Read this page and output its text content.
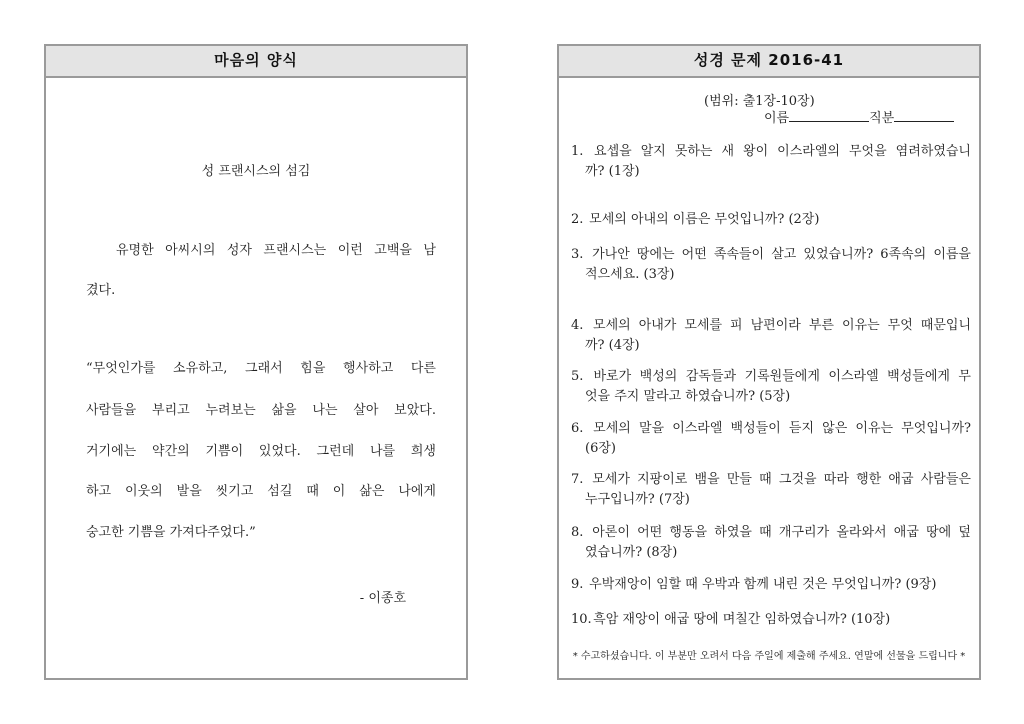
마음의 양식
성 프랜시스의 섬김
유명한 아씨시의 성자 프랜시스는 이런 고백을 남
겼다.
“무엇인가를 소유하고, 그래서 힘을 행사하고 다른
사람들을 부리고 누려보는 삶을 나는 살아 보았다.
거기에는 약간의 기쁨이 있었다. 그런데 나를 희생
하고 이웃의 발을 씻기고 섬길 때 이 삶은 나에게
숭고한 기쁨을 가져다주었다.”
- 이종호
성경 문제 2016-41
(범위: 출1장-10장)
이름	직분
1. 요셉을 알지 못하는 새 왕이 이스라엘의 무엇을 염려하였습니
까? (1장)
2. 모세의 아내의 이름은 무엇입니까? (2장)
3. 가나안 땅에는 어떤 족속들이 살고 있었습니까? 6족속의 이름을
적으세요. (3장)
4. 모세의 아내가 모세를 피 남편이라 부른 이유는 무엇 때문입니
까? (4장)
5. 바로가 백성의 감독들과 기록원들에게 이스라엘 백성들에게 무
엇을 주지 말라고 하였습니까? (5장)
6. 모세의 말을 이스라엘 백성들이 듣지 않은 이유는 무엇입니까?
(6장)
7. 모세가 지팡이로 뱀을 만들 때 그것을 따라 행한 애굽 사람들은
누구입니까? (7장)
8. 아론이 어떤 행동을 하였을 때 개구리가 올라와서 애굽 땅에 덮
였습니까? (8장)
9. 우박재앙이 임할 때 우박과 함께 내린 것은 무엇입니까? (9장)
10. 흑암 재앙이 애굽 땅에 며칠간 임하였습니까? (10장)
* 수고하셨습니다. 이 부분만 오려서 다음 주일에 제출해 주세요. 연말에 선물을 드립니다 *
